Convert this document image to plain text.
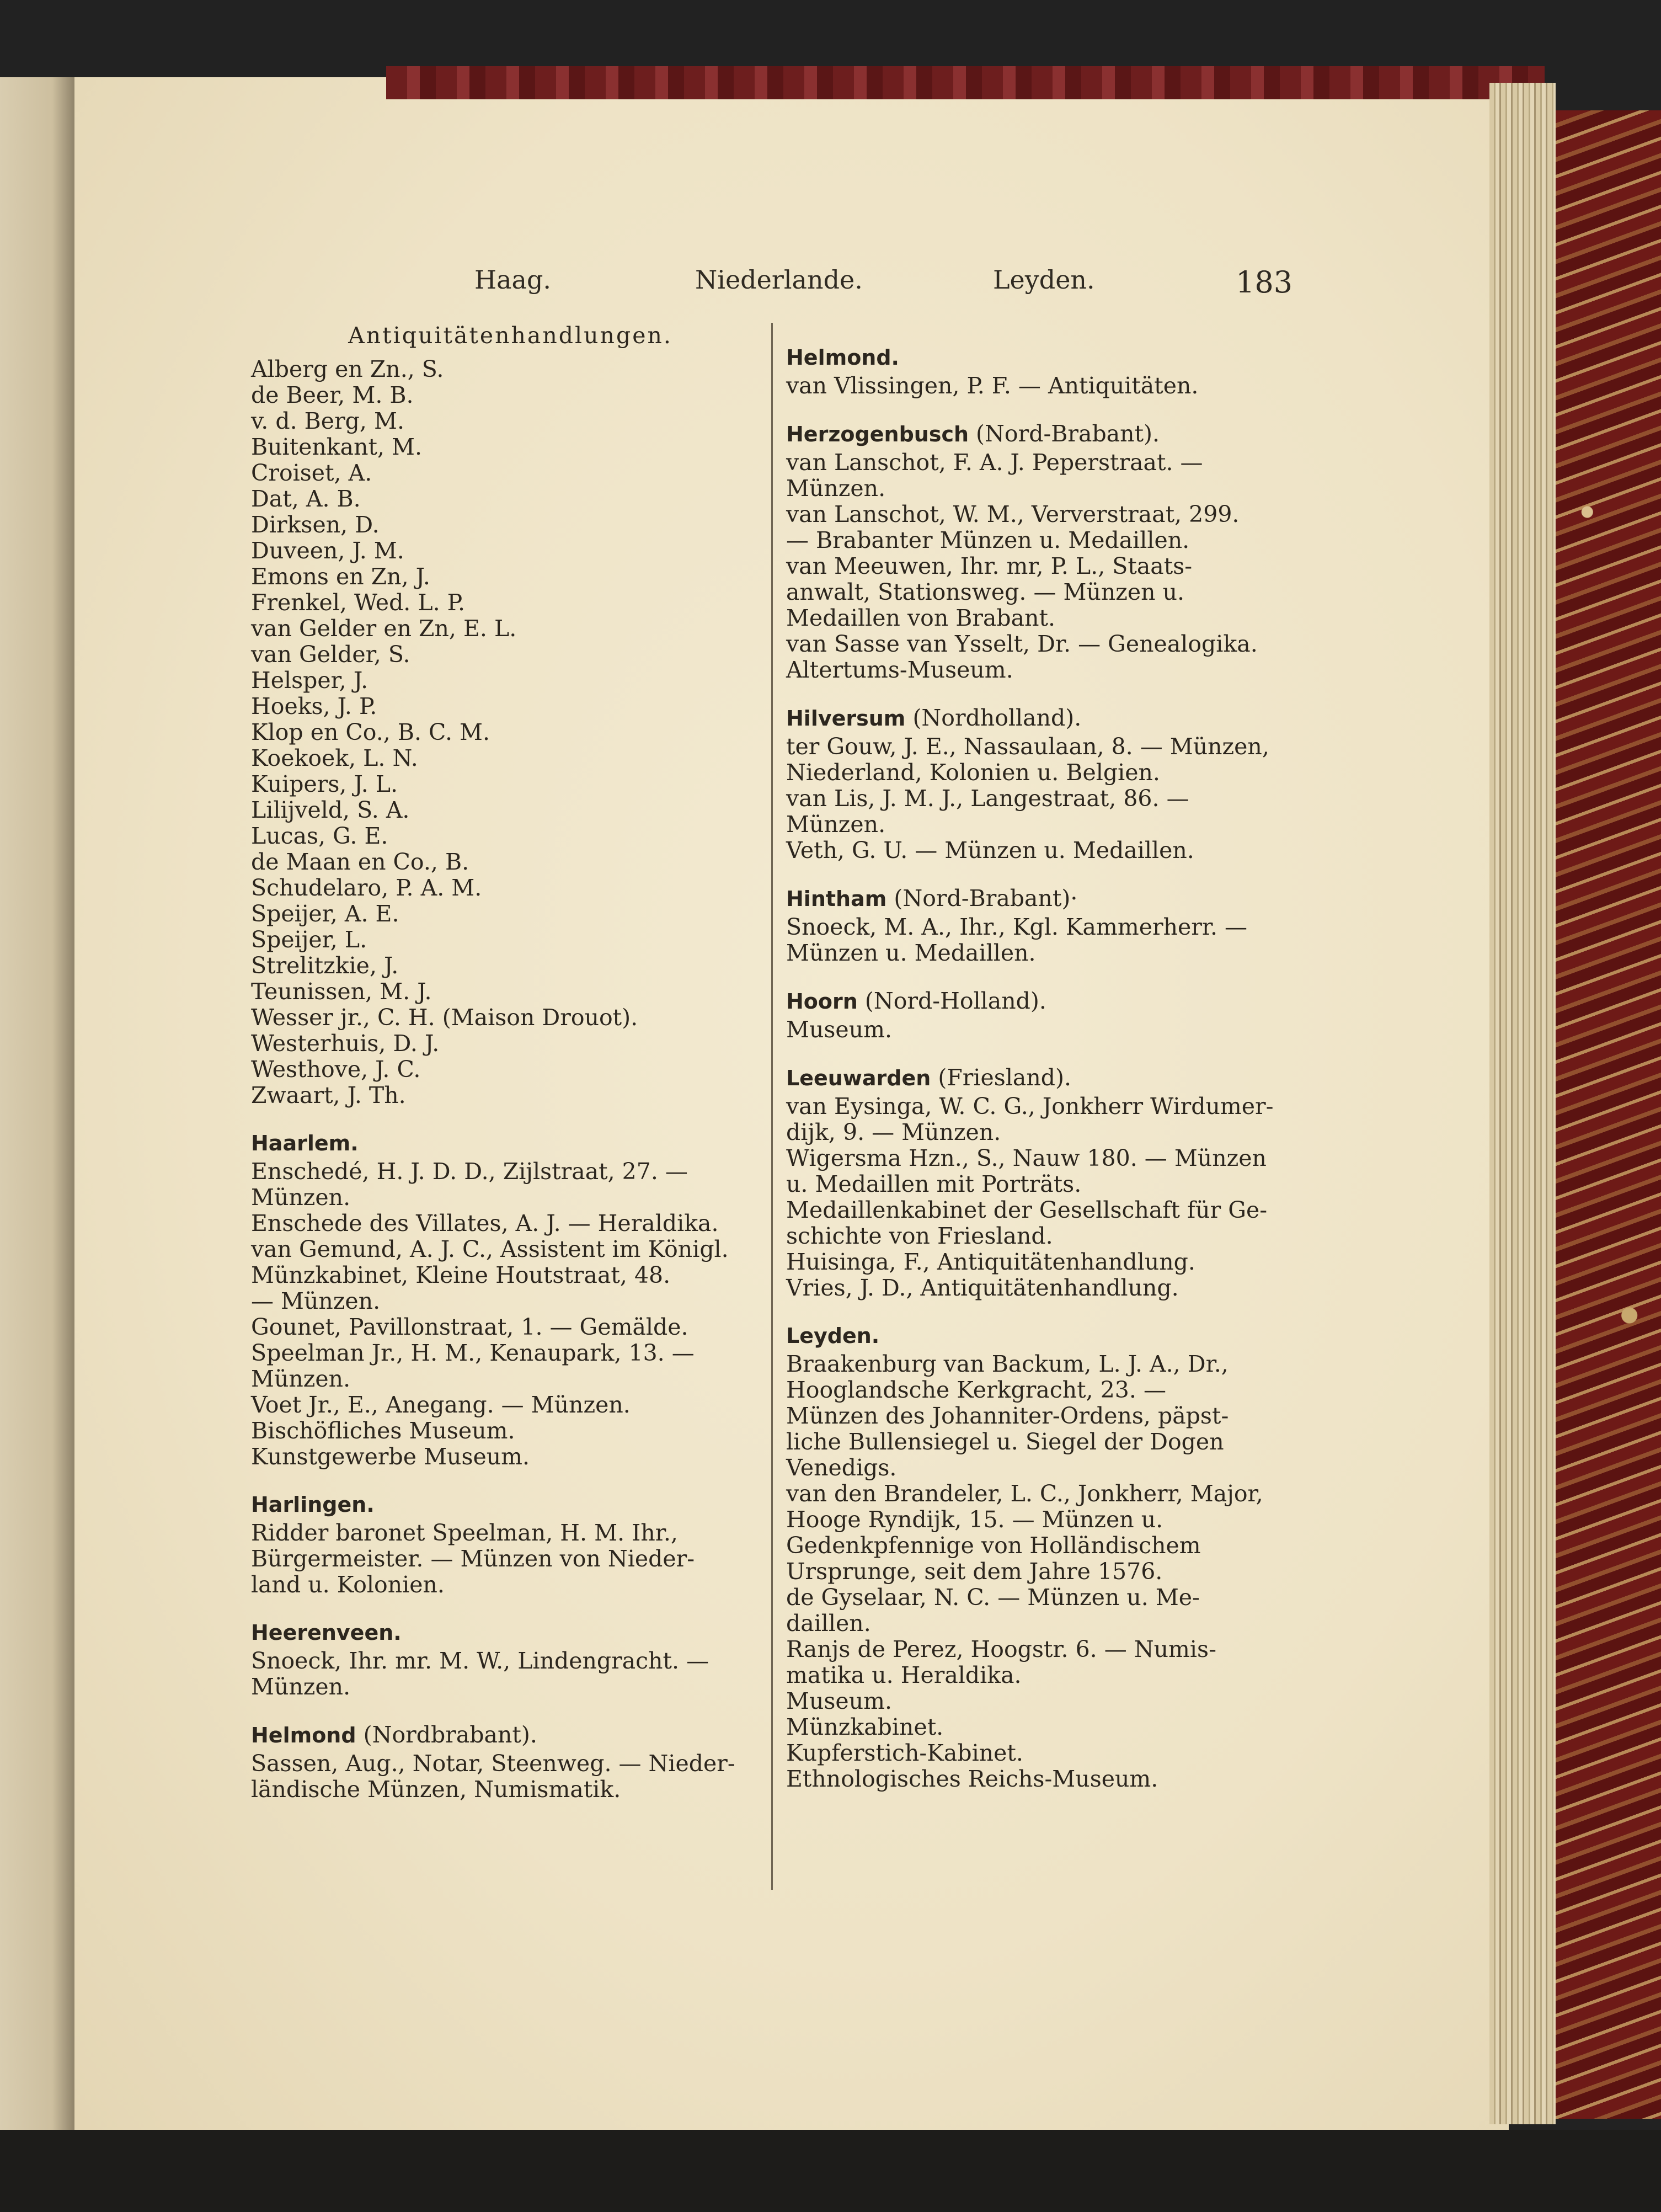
Haag.	Niederlande.	Leyden.	183
Antiquitätenhandlungen.
Alberg en Zn., S.
de Beer, M. B.
v. d. Berg, M.
Buitenkant, M.
Croiset, A.
Dat, A. B.
Dirksen, D.
Duveen, J. M.
Emons en Zn, J.
Frenkel, Wed. L. P.
van Gelder en Zn, E. L.
van Gelder, S.
Helsper, J.
Hoeks, J. P.
Klop en Co., B. C. M.
Koekoek, L. N.
Kuipers, J. L.
Lilijveld, S. A.
Lucas, G. E.
de Maan en Co., B.
Schudelaro, P. A. M.
Speijer, A. E.
Speijer, L.
Strelitzkie, J.
Teunissen, M. J.
Wesser jr., C. H. (Maison Drouot).
Westerhuis, D. J.
Westhove, J. C.
Zwaart, J. Th.
Haarlem.
Enschedé, H. J. D. D., Zijlstraat, 27. —
Münzen.
Enschede des Villates, A. J. — Heraldika.
van Gemund, A. J. C., Assistent im Königl.
Münzkabinet, Kleine Houtstraat, 48.
— Münzen.
Gounet, Pavillonstraat, 1. — Gemälde.
Speelman Jr., H. M., Kenaupark, 13. —
Münzen.
Voet Jr., E., Anegang. — Münzen.
Bischöfliches Museum.
Kunstgewerbe Museum.
Harlingen.
Ridder baronet Speelman, H. M. Ihr.,
Bürgermeister. — Münzen von Nieder-
land u. Kolonien.
Heerenveen.
Snoeck, Ihr. mr. M. W., Lindengracht. —
Münzen.
Helmond (Nordbrabant).
Sassen, Aug., Notar, Steenweg. — Nieder-
ländische Münzen, Numismatik.
Helmond.
van Vlissingen, P. F. — Antiquitäten.
Herzogenbusch (Nord-Brabant).
van Lanschot, F. A. J. Peperstraat. —
Münzen.
van Lanschot, W. M., Ververstraat, 299.
— Brabanter Münzen u. Medaillen.
van Meeuwen, Ihr. mr, P. L., Staats-
anwalt, Stationsweg. — Münzen u.
Medaillen von Brabant.
van Sasse van Ysselt, Dr. — Genealogika.
Altertums-Museum.
Hilversum (Nordholland).
ter Gouw, J. E., Nassaulaan, 8. — Münzen,
Niederland, Kolonien u. Belgien.
van Lis, J. M. J., Langestraat, 86. —
Münzen.
Veth, G. U. — Münzen u. Medaillen.
Hintham (Nord-Brabant)·
Snoeck, M. A., Ihr., Kgl. Kammerherr. —
Münzen u. Medaillen.
Hoorn (Nord-Holland).
Museum.
Leeuwarden (Friesland).
van Eysinga, W. C. G., Jonkherr Wirdumer-
dijk, 9. — Münzen.
Wigersma Hzn., S., Nauw 180. — Münzen
u. Medaillen mit Porträts.
Medaillenkabinet der Gesellschaft für Ge-
schichte von Friesland.
Huisinga, F., Antiquitätenhandlung.
Vries, J. D., Antiquitätenhandlung.
Leyden.
Braakenburg van Backum, L. J. A., Dr.,
Hooglandsche Kerkgracht, 23. —
Münzen des Johanniter-Ordens, päpst-
liche Bullensiegel u. Siegel der Dogen
Venedigs.
van den Brandeler, L. C., Jonkherr, Major,
Hooge Ryndijk, 15. — Münzen u.
Gedenkpfennige von Holländischem
Ursprunge, seit dem Jahre 1576.
de Gyselaar, N. C. — Münzen u. Me-
daillen.
Ranjs de Perez, Hoogstr. 6. — Numis-
matika u. Heraldika.
Museum.
Münzkabinet.
Kupferstich-Kabinet.
Ethnologisches Reichs-Museum.
